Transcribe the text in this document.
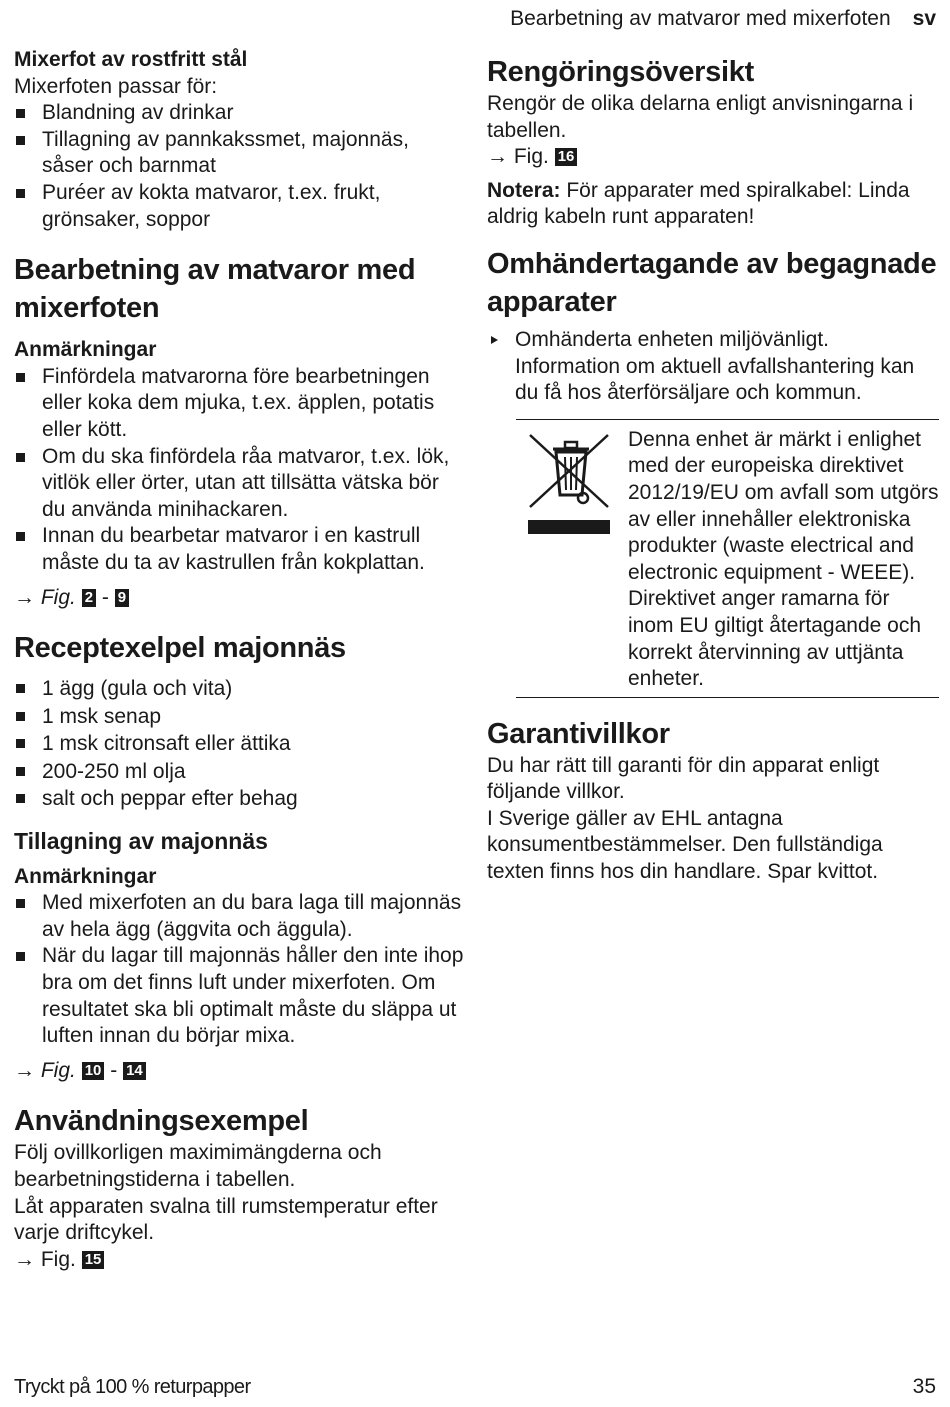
Bearbetning av matvaror med mixerfoten sv
Mixerfot av rostfritt stål

Mixerfoten passar för:

Blandning av drinkar
Tillagning av pannkakssmet, majonnäs, såser och barnmat
Puréer av kokta matvaror, t.ex. frukt, grönsaker, soppor
Bearbetning av matvaror med mixerfoten
Anmärkningar
Finfördela matvarorna före bearbetningen eller koka dem mjuka, t.ex. äpplen, potatis eller kött.
Om du ska finfördela råa matvaror, t.ex. lök, vitlök eller örter, utan att tillsätta vätska bör du använda minihackaren.
Innan du bearbetar matvaror i en kastrull måste du ta av kastrullen från kokplattan.

→ Fig. 2 - 9

Receptexelpel majonnäs
1 ägg (gula och vita)
1 msk senap
1 msk citronsaft eller ättika
200-250 ml olja
salt och peppar efter behag
Tillagning av majonnäs
Anmärkningar
Med mixerfoten an du bara laga till majonnäs av hela ägg (äggvita och äggula).
När du lagar till majonnäs håller den inte ihop bra om det finns luft under mixerfoten. Om resultatet ska bli optimalt måste du släppa ut luften innan du börjar mixa.

→ Fig. 10 - 14

Användningsexempel

Följ ovillkorligen maximimängderna och bearbetningstiderna i tabellen.

Låt apparaten svalna till rumstemperatur efter varje driftcykel.

→ Fig. 15

Rengöringsöversikt

Rengör de olika delarna enligt anvisningarna i tabellen.

→ Fig. 16

Notera: För apparater med spiralkabel: Linda aldrig kabeln runt apparaten!

Omhändertagande av begagnade apparater

Omhänderta enheten miljövänligt.

Information om aktuell avfallshantering kan du få hos återförsäljare och kommun.

Denna enhet är märkt i enlighet med der europeiska direktivet 2012/19/EU om avfall som utgörs av eller innehåller elektroniska produkter (waste electrical and electronic equipment - WEEE).

Direktivet anger ramarna för inom EU giltigt återtagande och korrekt återvinning av uttjänta enheter.

Garantivillkor

Du har rätt till garanti för din apparat enligt följande villkor.

I Sverige gäller av EHL antagna konsumentbestämmelser. Den fullständiga texten finns hos din handlare. Spar kvittot.

Tryckt på 100 % returpapper	35
